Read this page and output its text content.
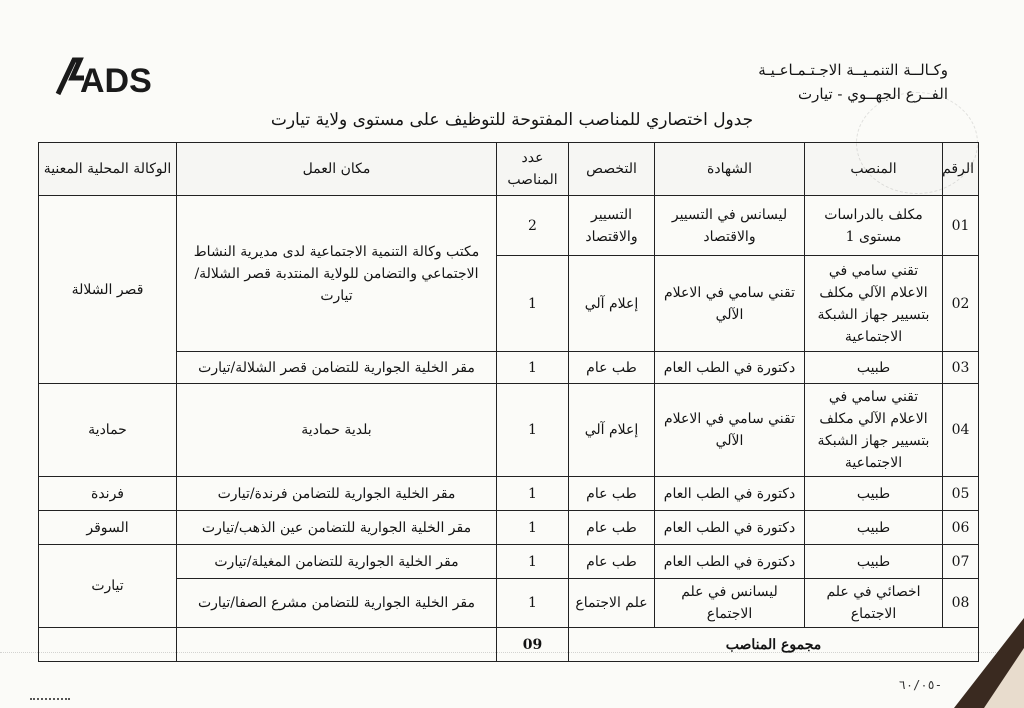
ADS	وكـالــة التنمـيــة الاجـتـمـاعـيـة
الفــرع الجهــوي - تيارت
جدول اختصاري للمناصب المفتوحة للتوظيف على مستوى ولاية تيارت
الرقم	المنصب	الشهادة	التخصص	عدد المناصب	مكان العمل	الوكالة المحلية المعنية
01	مكلف بالدراسات مستوى 1	ليسانس في التسيير والاقتصاد	التسيير والاقتصاد	2	مكتب وكالة التنمية الاجتماعية لدى مديرية النشاط الاجتماعي والتضامن للولاية المنتدبة قصر الشلالة/تيارت	قصر الشلالة
02	تقني سامي في الاعلام الآلي مكلف بتسيير جهاز الشبكة الاجتماعية	تقني سامي في الاعلام الآلي	إعلام آلي	1		
03	طبيب	دكتورة في الطب العام	طب عام	1	مقر الخلية الجوارية للتضامن قصر الشلالة/تيارت	
04	تقني سامي في الاعلام الآلي مكلف بتسيير جهاز الشبكة الاجتماعية	تقني سامي في الاعلام الآلي	إعلام آلي	1	بلدية حمادية	حمادية
05	طبيب	دكتورة في الطب العام	طب عام	1	مقر الخلية الجوارية للتضامن فرندة/تيارت	فرندة
06	طبيب	دكتورة في الطب العام	طب عام	1	مقر الخلية الجوارية للتضامن عين الذهب/تيارت	السوقر
07	طبيب	دكتورة في الطب العام	طب عام	1	مقر الخلية الجوارية للتضامن المغيلة/تيارت	تيارت
08	اخصائي في علم الاجتماع	ليسانس في علم الاجتماع	علم الاجتماع	1	مقر الخلية الجوارية للتضامن مشرع الصفا/تيارت	
مجموع المناصب				09		
٦٠/٠٥-
